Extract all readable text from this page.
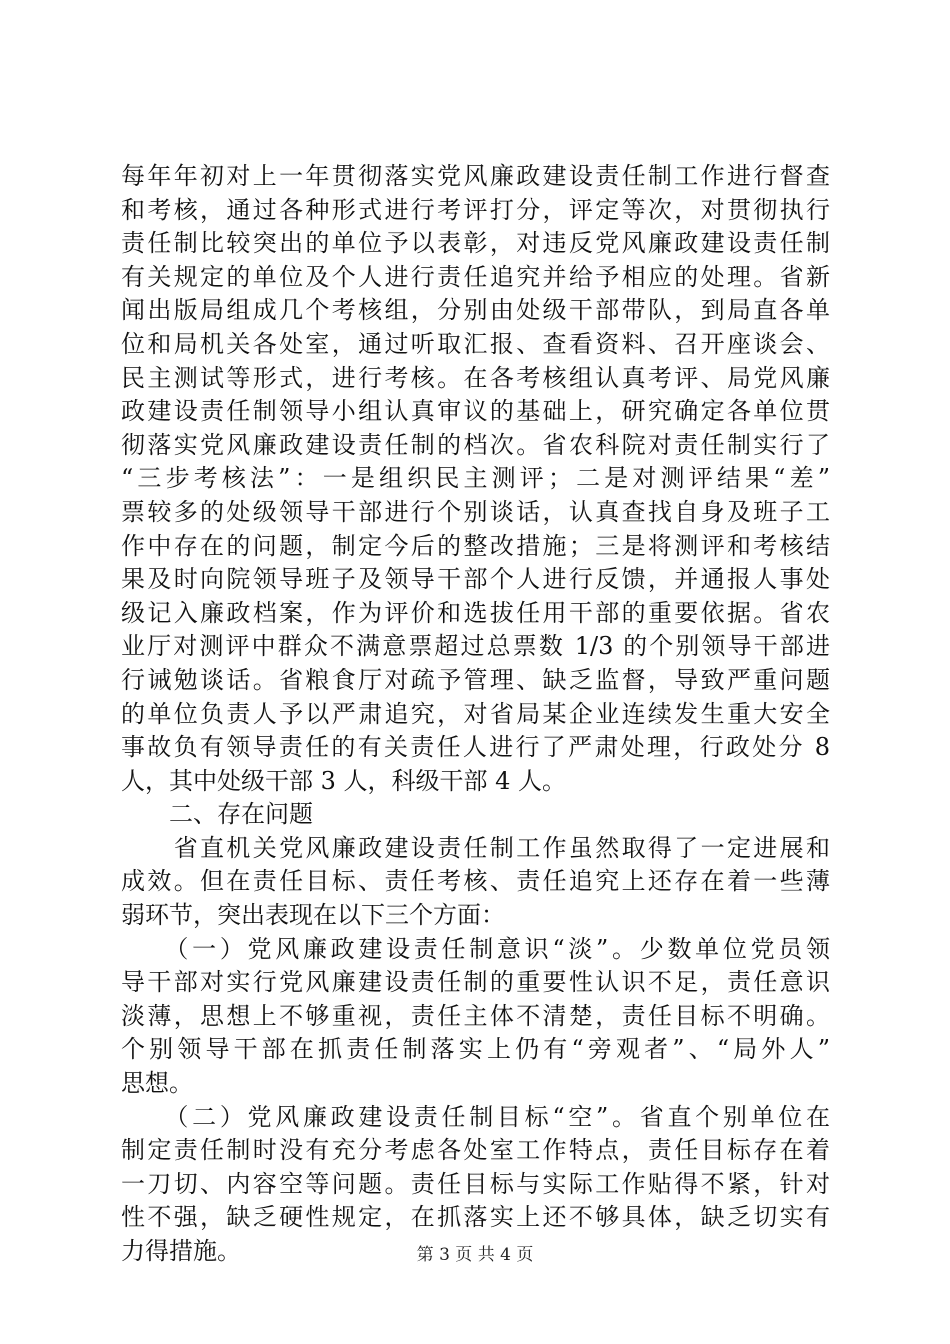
每年年初对上一年贯彻落实党风廉政建设责任制工作进行督查
和考核，通过各种形式进行考评打分，评定等次，对贯彻执行
责任制比较突出的单位予以表彰，对违反党风廉政建设责任制
有关规定的单位及个人进行责任追究并给予相应的处理。省新
闻出版局组成几个考核组，分别由处级干部带队，到局直各单
位和局机关各处室，通过听取汇报、查看资料、召开座谈会、
民主测试等形式，进行考核。在各考核组认真考评、局党风廉
政建设责任制领导小组认真审议的基础上，研究确定各单位贯
彻落实党风廉政建设责任制的档次。省农科院对责任制实行了
“三步考核法”：一是组织民主测评；二是对测评结果“差”
票较多的处级领导干部进行个别谈话，认真查找自身及班子工
作中存在的问题，制定今后的整改措施；三是将测评和考核结
果及时向院领导班子及领导干部个人进行反馈，并通报人事处
级记入廉政档案，作为评价和选拔任用干部的重要依据。省农
业厅对测评中群众不满意票超过总票数 1/3 的个别领导干部进
行诫勉谈话。省粮食厅对疏予管理、缺乏监督，导致严重问题
的单位负责人予以严肃追究，对省局某企业连续发生重大安全
事故负有领导责任的有关责任人进行了严肃处理，行政处分 8
人，其中处级干部 3 人，科级干部 4 人。
　　二、存在问题
　　省直机关党风廉政建设责任制工作虽然取得了一定进展和
成效。但在责任目标、责任考核、责任追究上还存在着一些薄
弱环节，突出表现在以下三个方面：
　　（一）党风廉政建设责任制意识“淡”。少数单位党员领
导干部对实行党风廉建设责任制的重要性认识不足，责任意识
淡薄，思想上不够重视，责任主体不清楚，责任目标不明确。
个别领导干部在抓责任制落实上仍有“旁观者”、“局外人”
思想。
　　（二）党风廉政建设责任制目标“空”。省直个别单位在
制定责任制时没有充分考虑各处室工作特点，责任目标存在着
一刀切、内容空等问题。责任目标与实际工作贴得不紧，针对
性不强，缺乏硬性规定，在抓落实上还不够具体，缺乏切实有
力得措施。	第 3 页 共 4 页
